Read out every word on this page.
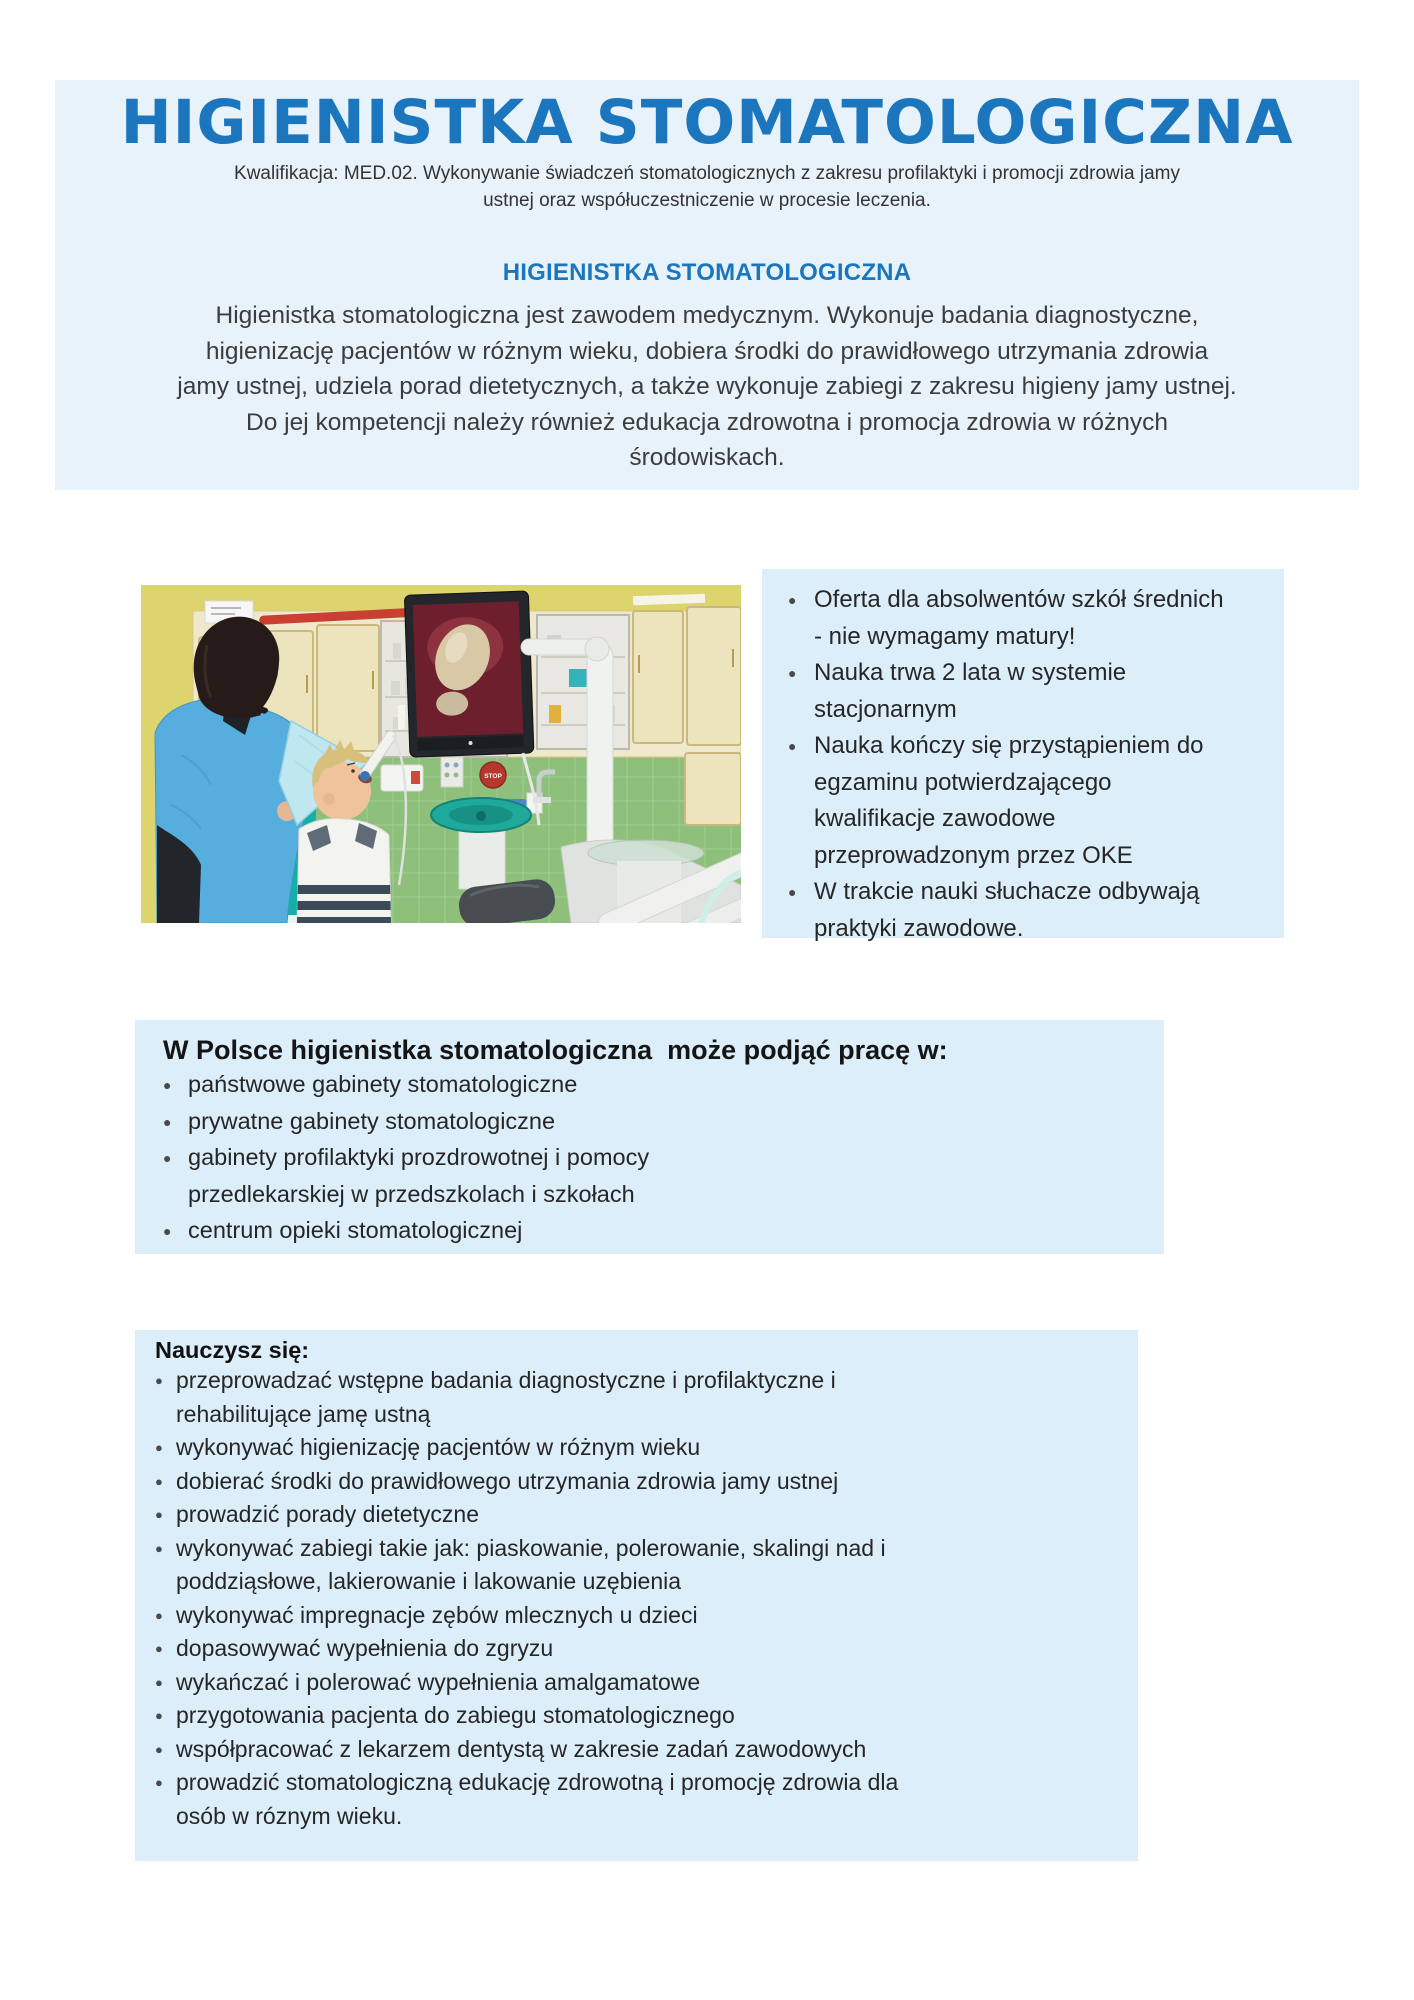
HIGIENISTKA STOMATOLOGICZNA
Kwalifikacja: MED.02. Wykonywanie świadczeń stomatologicznych z zakresu profilaktyki i promocji zdrowia jamy
ustnej oraz współuczestniczenie w procesie leczenia.
HIGIENISTKA STOMATOLOGICZNA
Higienistka stomatologiczna jest zawodem medycznym. Wykonuje badania diagnostyczne,
higienizację pacjentów w różnym wieku, dobiera środki do prawidłowego utrzymania zdrowia
jamy ustnej, udziela porad dietetycznych, a także wykonuje zabiegi z zakresu higieny jamy ustnej.
Do jej kompetencji należy również edukacja zdrowotna i promocja zdrowia w różnych
środowiskach.
STOP
● Oferta dla absolwentów szkół średnich
- nie wymagamy matury!
● Nauka trwa 2 lata w systemie
stacjonarnym
● Nauka kończy się przystąpieniem do
egzaminu potwierdzającego
kwalifikacje zawodowe
przeprowadzonym przez OKE
● W trakcie nauki słuchacze odbywają
praktyki zawodowe.
W Polsce higienistka stomatologiczna  może podjąć pracę w:
● państwowe gabinety stomatologiczne
● prywatne gabinety stomatologiczne
● gabinety profilaktyki prozdrowotnej i pomocy
przedlekarskiej w przedszkolach i szkołach
● centrum opieki stomatologicznej
Nauczysz się:
● przeprowadzać wstępne badania diagnostyczne i profilaktyczne i
rehabilitujące jamę ustną
● wykonywać higienizację pacjentów w różnym wieku
● dobierać środki do prawidłowego utrzymania zdrowia jamy ustnej
● prowadzić porady dietetyczne
● wykonywać zabiegi takie jak: piaskowanie, polerowanie, skalingi nad i
poddziąsłowe, lakierowanie i lakowanie uzębienia
● wykonywać impregnacje zębów mlecznych u dzieci
● dopasowywać wypełnienia do zgryzu
● wykańczać i polerować wypełnienia amalgamatowe
● przygotowania pacjenta do zabiegu stomatologicznego
● współpracować z lekarzem dentystą w zakresie zadań zawodowych
● prowadzić stomatologiczną edukację zdrowotną i promocję zdrowia dla
osób w róznym wieku.
